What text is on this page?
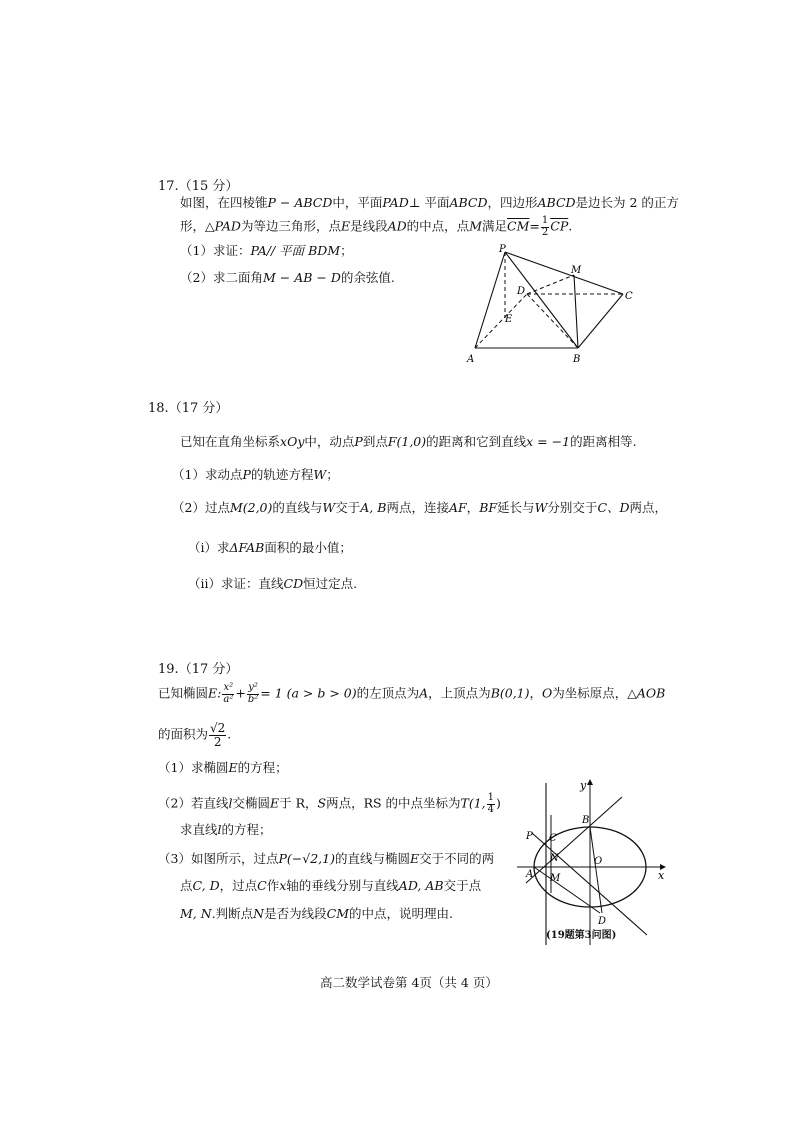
17.（15 分）
如图，在四棱锥P − ABCD中，平面PAD⊥ 平面ABCD，四边形ABCD是边长为 2 的正方
形，△PAD为等边三角形，点E是线段AD的中点，点M满足$\overline{CM}= \frac{1}{2} \overline{CP}$.
（1）求证：PA// 平面 BDM；
（2）求二面角M − AB − D的余弦值.
P
M
D	C
E
A	B
18.（17 分）
已知在直角坐标系xOy中，动点P到点F(1,0)的距离和它到直线x = −1的距离相等.
（1）求动点P的轨迹方程W；
（2）过点M(2,0)的直线与W交于A, B两点，连接AF，BF延长与W分别交于C、D两点，
（ⅰ）求ΔFAB面积的最小值；
（ⅱ）求证：直线CD恒过定点.
19.（17 分）
已知椭圆E: $\frac{\text{x²}}{\text{a²}} + \frac{\text{y²}}{\text{b²}} = 1$ (a > b > 0)的左顶点为A，上顶点为B(0,1)，O为坐标原点，△AOB
的面积为 $\frac{√2}{2}$ .
（1）求椭圆E的方程；
（2）若直线l交椭圆E于 R，S两点，RS 的中点坐标为T(1, $\frac{1}{4}$ )
求直线l的方程；
（3）如图所示，过点P(−√2,1)的直线与椭圆E交于不同的两
点C, D，过点C作x轴的垂线分别与直线AD, AB交于点
M, N.判断点N是否为线段CM的中点，说明理由.
y
x
B
C
P
N	O
A M
D
(19题第3问图)
高二数学试卷第 4页（共 4 页）
